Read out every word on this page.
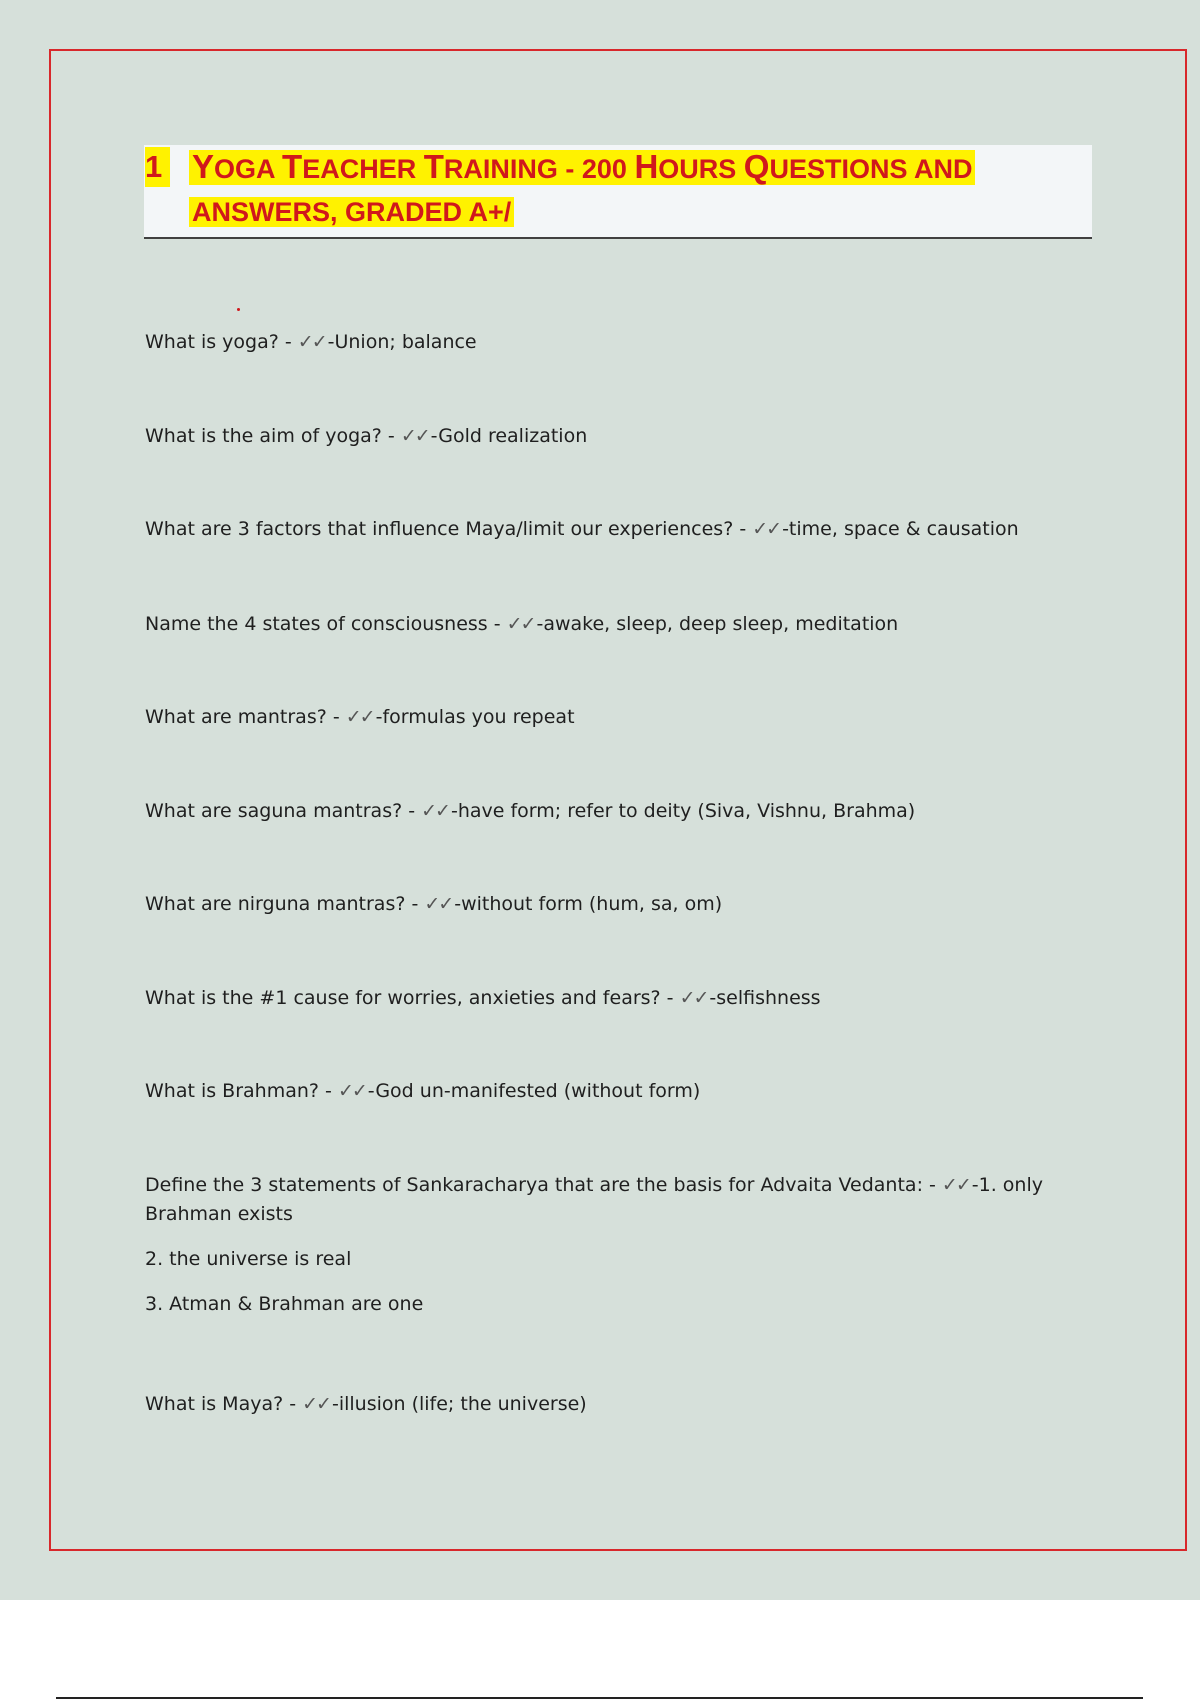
1 YOGA TEACHER TRAINING - 200 HOURS QUESTIONS AND
ANSWERS, GRADED A+/
What is yoga? - ✓✓ -Union; balance
What is the aim of yoga? - ✓✓ -Gold realization
What are 3 factors that influence Maya/limit our experiences? - ✓✓ -time, space & causation
Name the 4 states of consciousness - ✓✓ -awake, sleep, deep sleep, meditation
What are mantras? - ✓✓ -formulas you repeat
What are saguna mantras? - ✓✓ -have form; refer to deity (Siva, Vishnu, Brahma)
What are nirguna mantras? - ✓✓ -without form (hum, sa, om)
What is the #1 cause for worries, anxieties and fears? - ✓✓ -selfishness
What is Brahman? - ✓✓ -God un-manifested (without form)
Define the 3 statements of Sankaracharya that are the basis for Advaita Vedanta: - ✓✓ -1. only Brahman exists
2. the universe is real
3. Atman & Brahman are one
What is Maya? - ✓✓ -illusion (life; the universe)
